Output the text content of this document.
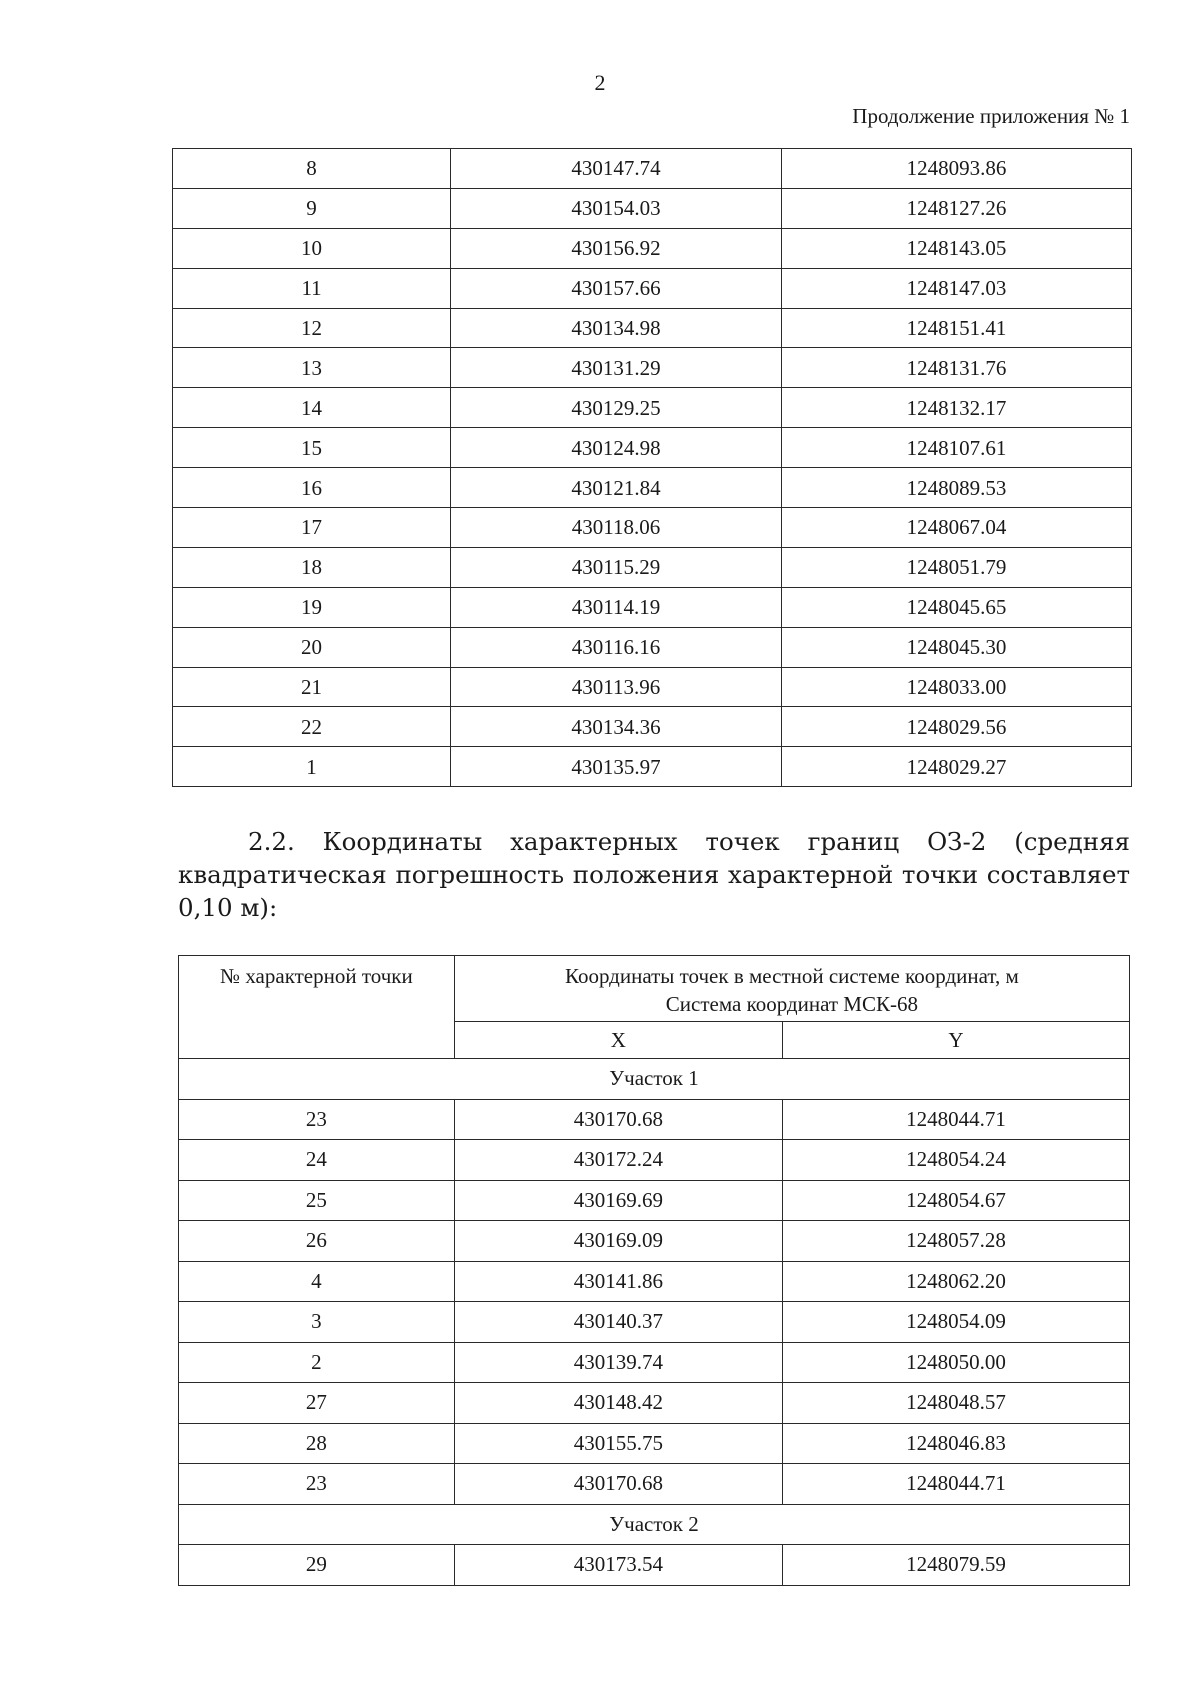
2
Продолжение приложения № 1
8	430147.74	1248093.86
9	430154.03	1248127.26
10	430156.92	1248143.05
11	430157.66	1248147.03
12	430134.98	1248151.41
13	430131.29	1248131.76
14	430129.25	1248132.17
15	430124.98	1248107.61
16	430121.84	1248089.53
17	430118.06	1248067.04
18	430115.29	1248051.79
19	430114.19	1248045.65
20	430116.16	1248045.30
21	430113.96	1248033.00
22	430134.36	1248029.56
1	430135.97	1248029.27
2.2. Координаты характерных точек границ ОЗ-2 (средняя квадратическая погрешность положения характерной точки составляет 0,10 м):
№ характерной точки	Координаты точек в местной системе координат, м
Система координат МСК-68	

	X	Y
Участок 1		
23	430170.68	1248044.71
24	430172.24	1248054.24
25	430169.69	1248054.67
26	430169.09	1248057.28
4	430141.86	1248062.20
3	430140.37	1248054.09
2	430139.74	1248050.00
27	430148.42	1248048.57
28	430155.75	1248046.83
23	430170.68	1248044.71
Участок 2		
29	430173.54	1248079.59
